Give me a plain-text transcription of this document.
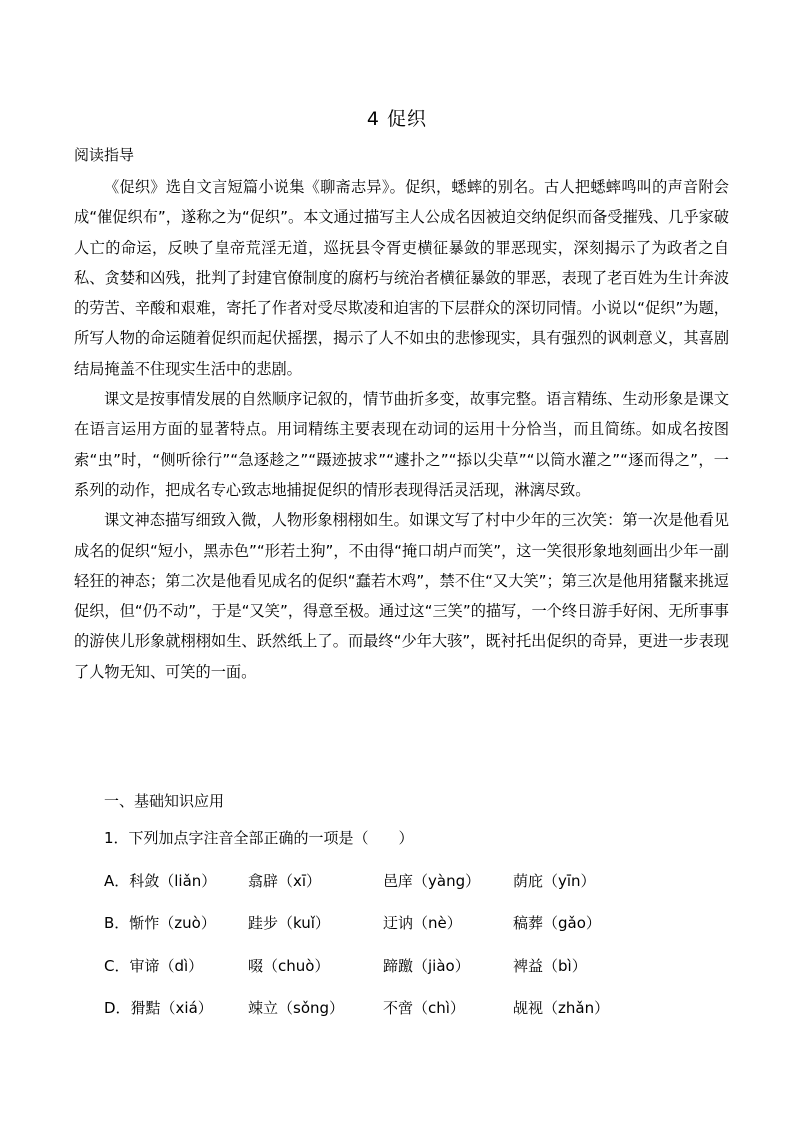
4 促织
阅读指导

《促织》选自文言短篇小说集《聊斋志异》。促织，蟋蟀的别名。古人把蟋蟀鸣叫的声音附会成“催促织布”，遂称之为“促织”。本文通过描写主人公成名因被迫交纳促织而备受摧残、几乎家破人亡的命运，反映了皇帝荒淫无道，巡抚县令胥吏横征暴敛的罪恶现实，深刻揭示了为政者之自私、贪婪和凶残，批判了封建官僚制度的腐朽与统治者横征暴敛的罪恶，表现了老百姓为生计奔波的劳苦、辛酸和艰难，寄托了作者对受尽欺凌和迫害的下层群众的深切同情。小说以“促织”为题，所写人物的命运随着促织而起伏摇摆，揭示了人不如虫的悲惨现实，具有强烈的讽刺意义，其喜剧结局掩盖不住现实生活中的悲剧。

课文是按事情发展的自然顺序记叙的，情节曲折多变，故事完整。语言精练、生动形象是课文在语言运用方面的显著特点。用词精练主要表现在动词的运用十分恰当，而且简练。如成名按图索“虫”时，“侧听徐行”“急逐趁之”“蹑迹披求”“遽扑之”“掭以尖草”“以筒水灌之”“逐而得之”，一系列的动作，把成名专心致志地捕捉促织的情形表现得活灵活现，淋漓尽致。

课文神态描写细致入微，人物形象栩栩如生。如课文写了村中少年的三次笑：第一次是他看见成名的促织“短小，黑赤色”“形若土狗”，不由得“掩口胡卢而笑”，这一笑很形象地刻画出少年一副轻狂的神态；第二次是他看见成名的促织“蠢若木鸡”，禁不住“又大笑”；第三次是他用猪鬣来挑逗促织，但“仍不动”，于是“又笑”，得意至极。通过这“三笑”的描写，一个终日游手好闲、无所事事的游侠儿形象就栩栩如生、跃然纸上了。而最终“少年大骇”，既衬托出促织的奇异，更进一步表现了人物无知、可笑的一面。

一、基础知识应用
1．下列加点字注音全部正确的一项是（　　）
A．科敛（liǎn） 翕辟（xī）	邑庠（yàng） 荫庇（yīn）
B．惭怍（zuò） 跬步（kuǐ）	迂讷（nè）	稿葬（gǎo）
C．审谛（dì）	啜（chuò）	蹄躈（jiào）	裨益（bì）
D．猾黠（xiá） 竦立（sǒng）	不啻（chì）	觇视（zhǎn）
